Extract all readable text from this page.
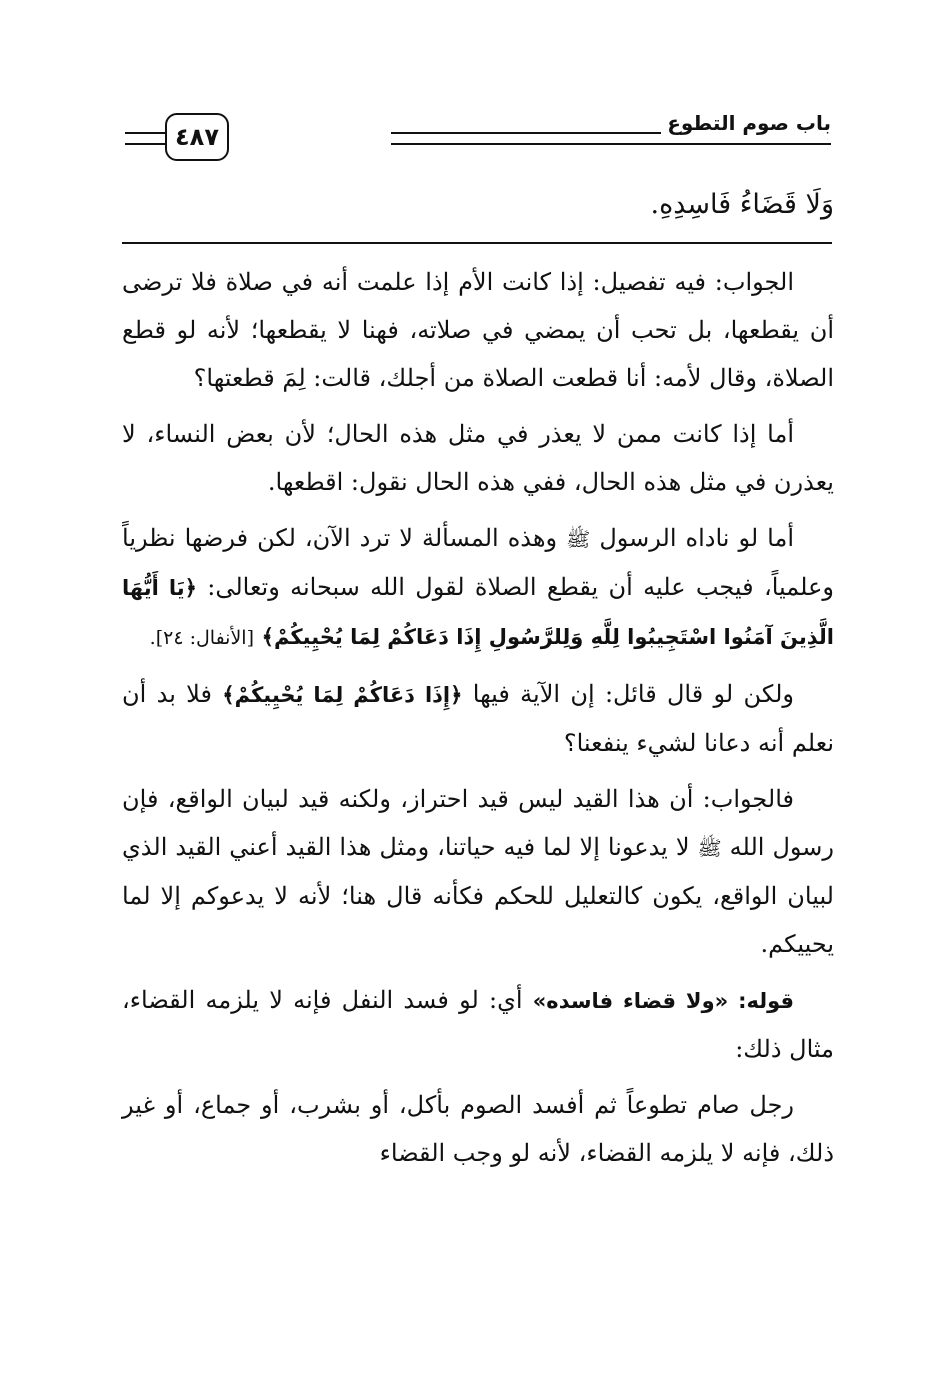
باب صوم التطوع
٤٨٧
وَلَا قَضَاءُ فَاسِدِهِ.

الجواب: فيه تفصيل: إذا كانت الأم إذا علمت أنه في صلاة فلا ترضى أن يقطعها، بل تحب أن يمضي في صلاته، فهنا لا يقطعها؛ لأنه لو قطع الصلاة، وقال لأمه: أنا قطعت الصلاة من أجلك، قالت: لِمَ قطعتها؟

أما إذا كانت ممن لا يعذر في مثل هذه الحال؛ لأن بعض النساء، لا يعذرن في مثل هذه الحال، ففي هذه الحال نقول: اقطعها.

أما لو ناداه الرسول ﷺ وهذه المسألة لا ترد الآن، لكن فرضها نظرياً وعلمياً، فيجب عليه أن يقطع الصلاة لقول الله سبحانه وتعالى: ﴿يَا أَيُّهَا الَّذِينَ آمَنُوا اسْتَجِيبُوا لِلَّهِ وَلِلرَّسُولِ إِذَا دَعَاكُمْ لِمَا يُحْيِيكُمْ﴾ [الأنفال: ٢٤].

ولكن لو قال قائل: إن الآية فيها ﴿إِذَا دَعَاكُمْ لِمَا يُحْيِيكُمْ﴾ فلا بد أن نعلم أنه دعانا لشيء ينفعنا؟

فالجواب: أن هذا القيد ليس قيد احتراز، ولكنه قيد لبيان الواقع، فإن رسول الله ﷺ لا يدعونا إلا لما فيه حياتنا، ومثل هذا القيد أعني القيد الذي لبيان الواقع، يكون كالتعليل للحكم فكأنه قال هنا؛ لأنه لا يدعوكم إلا لما يحييكم.

قوله: «ولا قضاء فاسده» أي: لو فسد النفل فإنه لا يلزمه القضاء، مثال ذلك:

رجل صام تطوعاً ثم أفسد الصوم بأكل، أو بشرب، أو جماع، أو غير ذلك، فإنه لا يلزمه القضاء، لأنه لو وجب القضاء
